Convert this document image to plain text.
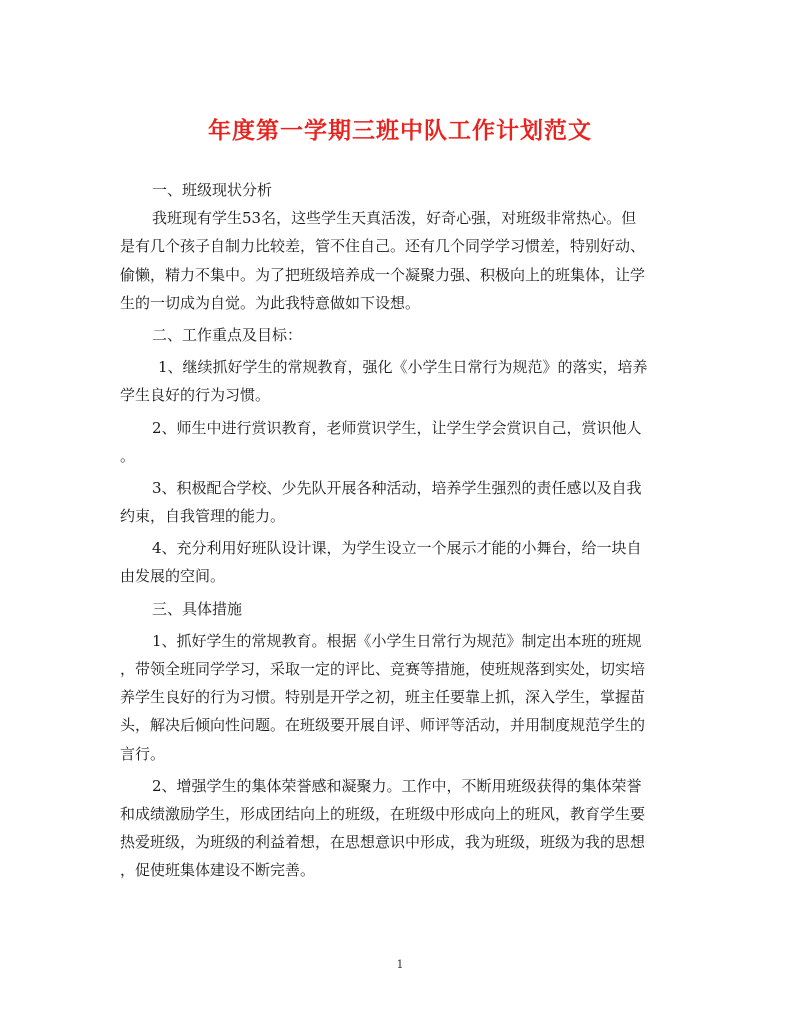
年度第一学期三班中队工作计划范文
一、班级现状分析
我班现有学生53名，这些学生天真活泼，好奇心强，对班级非常热心。但
是有几个孩子自制力比较差，管不住自己。还有几个同学学习惯差，特别好动、
偷懒，精力不集中。为了把班级培养成一个凝聚力强、积极向上的班集体，让学
生的一切成为自觉。为此我特意做如下设想。
二、工作重点及目标：
1、继续抓好学生的常规教育，强化《小学生日常行为规范》的落实，培养
学生良好的行为习惯。
2、师生中进行赏识教育，老师赏识学生，让学生学会赏识自己，赏识他人
。
3、积极配合学校、少先队开展各种活动，培养学生强烈的责任感以及自我
约束，自我管理的能力。
4、充分利用好班队设计课，为学生设立一个展示才能的小舞台，给一块自
由发展的空间。
三、具体措施
1、抓好学生的常规教育。根据《小学生日常行为规范》制定出本班的班规
，带领全班同学学习，采取一定的评比、竞赛等措施，使班规落到实处，切实培
养学生良好的行为习惯。特别是开学之初，班主任要靠上抓，深入学生，掌握苗
头，解决后倾向性问题。在班级要开展自评、师评等活动，并用制度规范学生的
言行。
2、增强学生的集体荣誉感和凝聚力。工作中，不断用班级获得的集体荣誉
和成绩激励学生，形成团结向上的班级，在班级中形成向上的班风，教育学生要
热爱班级，为班级的利益着想，在思想意识中形成，我为班级，班级为我的思想
，促使班集体建设不断完善。
1
